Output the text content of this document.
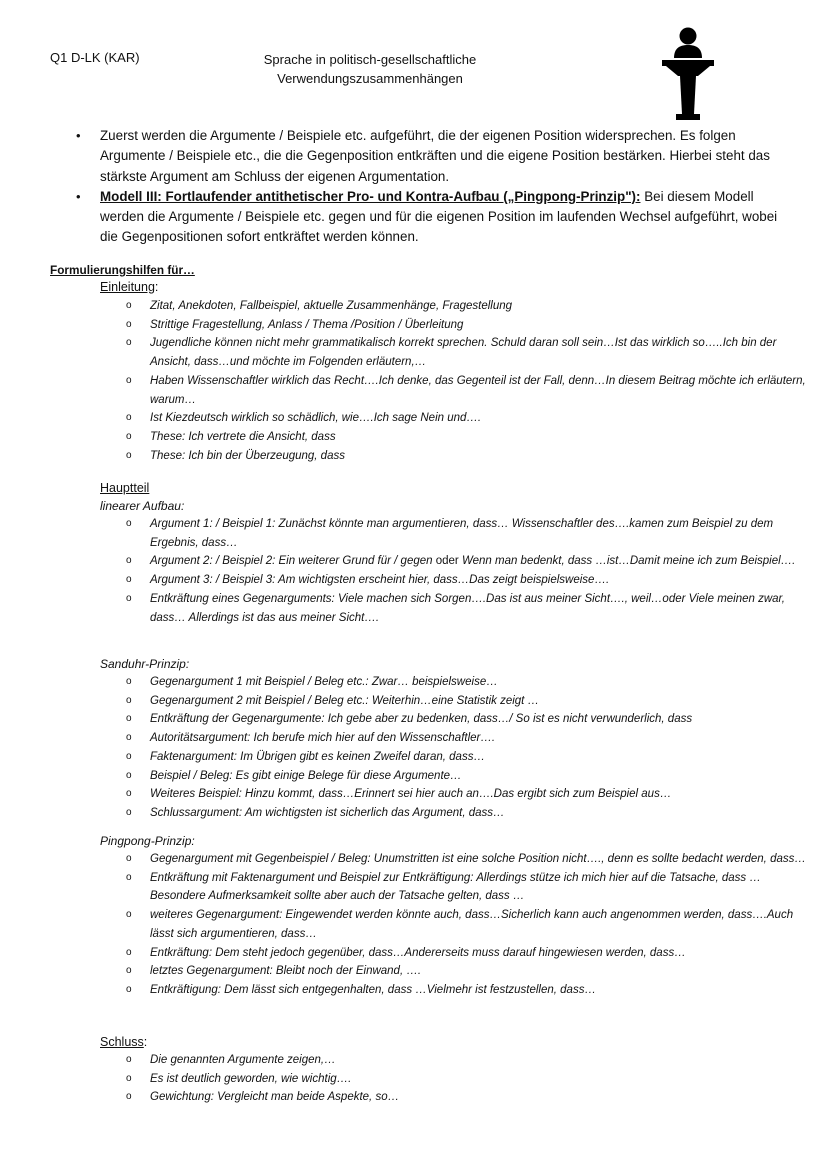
Q1 D-LK (KAR)	Sprache in politisch-gesellschaftliche
Verwendungszusammenhängen
• Zuerst werden die Argumente / Beispiele etc. aufgeführt, die der eigenen Position widersprechen. Es folgen Argumente / Beispiele etc., die die Gegenposition entkräften und die eigene Position bestärken. Hierbei steht das stärkste Argument am Schluss der eigenen Argumentation.
• Modell III: Fortlaufender antithetischer Pro- und Kontra-Aufbau („Pingpong-Prinzip"): Bei diesem Modell werden die Argumente / Beispiele etc. gegen und für die eigenen Position im laufenden Wechsel aufgeführt, wobei die Gegenpositionen sofort entkräftet werden können.
Formulierungshilfen für…
Einleitung:
o Zitat, Anekdoten, Fallbeispiel, aktuelle Zusammenhänge, Fragestellung
o Strittige Fragestellung, Anlass / Thema /Position / Überleitung
o Jugendliche können nicht mehr grammatikalisch korrekt sprechen. Schuld daran soll sein…Ist das wirklich so…..Ich bin der Ansicht, dass…und möchte im Folgenden erläutern,…
o Haben Wissenschaftler wirklich das Recht….Ich denke, das Gegenteil ist der Fall, denn…In diesem Beitrag möchte ich erläutern, warum…
o Ist Kiezdeutsch wirklich so schädlich, wie….Ich sage Nein und….
o These: Ich vertrete die Ansicht, dass
o These: Ich bin der Überzeugung, dass
Hauptteil
linearer Aufbau:
o Argument 1: / Beispiel 1: Zunächst könnte man argumentieren, dass… Wissenschaftler des….kamen zum Beispiel zu dem Ergebnis, dass…
o Argument 2: / Beispiel 2: Ein weiterer Grund für / gegen oder Wenn man bedenkt, dass …ist…Damit meine ich zum Beispiel….
o Argument 3: / Beispiel 3: Am wichtigsten erscheint hier, dass…Das zeigt beispielsweise….
o Entkräftung eines Gegenarguments: Viele machen sich Sorgen….Das ist aus meiner Sicht…., weil…oder Viele meinen zwar, dass… Allerdings ist das aus meiner Sicht….
Sanduhr-Prinzip:
o Gegenargument 1 mit Beispiel / Beleg etc.: Zwar… beispielsweise…
o Gegenargument 2 mit Beispiel / Beleg etc.: Weiterhin…eine Statistik zeigt …
o Entkräftung der Gegenargumente: Ich gebe aber zu bedenken, dass…/ So ist es nicht verwunderlich, dass
o Autoritätsargument: Ich berufe mich hier auf den Wissenschaftler….
o Faktenargument: Im Übrigen gibt es keinen Zweifel daran, dass…
o Beispiel / Beleg: Es gibt einige Belege für diese Argumente…
o Weiteres Beispiel: Hinzu kommt, dass…Erinnert sei hier auch an….Das ergibt sich zum Beispiel aus…
o Schlussargument: Am wichtigsten ist sicherlich das Argument, dass…
Pingpong-Prinzip:
o Gegenargument mit Gegenbeispiel / Beleg: Unumstritten ist eine solche Position nicht…., denn es sollte bedacht werden, dass…
o Entkräftung mit Faktenargument und Beispiel zur Entkräftigung: Allerdings stütze ich mich hier auf die Tatsache, dass …Besondere Aufmerksamkeit sollte aber auch der Tatsache gelten, dass …
o weiteres Gegenargument: Eingewendet werden könnte auch, dass…Sicherlich kann auch angenommen werden, dass….Auch lässt sich argumentieren, dass…
o Entkräftung: Dem steht jedoch gegenüber, dass…Andererseits muss darauf hingewiesen werden, dass…
o letztes Gegenargument: Bleibt noch der Einwand, ….
o Entkräftigung: Dem lässt sich entgegenhalten, dass …Vielmehr ist festzustellen, dass…
Schluss:
o Die genannten Argumente zeigen,…
o Es ist deutlich geworden, wie wichtig….
o Gewichtung: Vergleicht man beide Aspekte, so…
